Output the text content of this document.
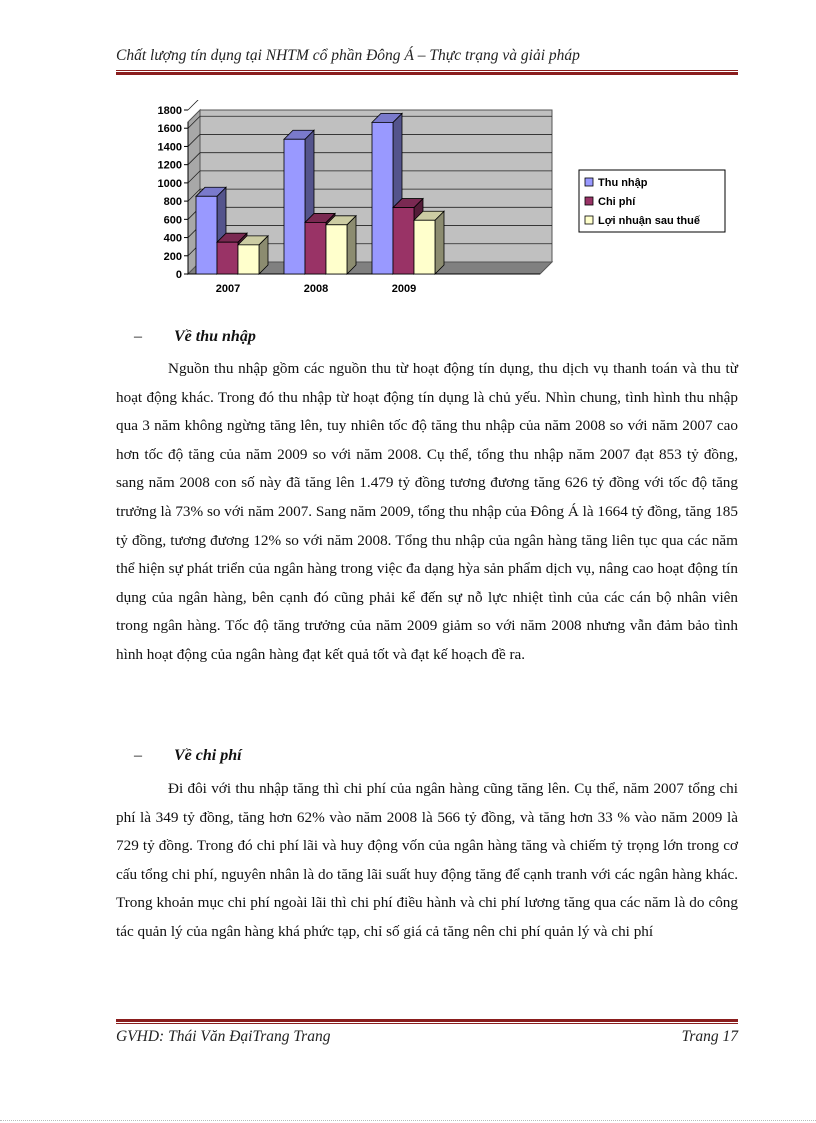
Chất lượng tín dụng tại NHTM cổ phần Đông Á – Thực trạng và giải pháp
0
200
400
600
800
1000
1200
1400
1600
1800
2007	2008	2009
Thu nhập
Chi phí
Lợi nhuận sau thuế
– Về thu nhập

Nguồn thu nhập gồm các nguồn thu từ hoạt động tín dụng, thu dịch vụ thanh toán và thu từ hoạt động khác. Trong đó thu nhập từ hoạt động tín dụng là chủ yếu. Nhìn chung, tình hình thu nhập qua 3 năm không ngừng tăng lên, tuy nhiên tốc độ tăng thu nhập của năm 2008 so với năm 2007 cao hơn tốc độ tăng của năm 2009 so với năm 2008. Cụ thể, tổng thu nhập năm 2007 đạt 853 tỷ đồng, sang năm 2008 con số này đã tăng lên 1.479 tỷ đồng tương đương tăng 626 tỷ đồng với tốc độ tăng trưởng là 73% so với năm 2007. Sang năm 2009, tổng thu nhập của Đông Á là 1664 tỷ đồng, tăng 185 tỷ đồng, tương đương 12% so với năm 2008. Tổng thu nhập của ngân hàng tăng liên tục qua các năm thể hiện sự phát triển của ngân hàng trong việc đa dạng hỳa sản phẩm dịch vụ, nâng cao hoạt động tín dụng của ngân hàng, bên cạnh đó cũng phải kể đến sự nỗ lực nhiệt tình của các cán bộ nhân viên trong ngân hàng. Tốc độ tăng trưởng của năm 2009 giảm so với năm 2008 nhưng vẫn đảm bảo tình hình hoạt động của ngân hàng đạt kết quả tốt và đạt kế hoạch đề ra.

– Về chi phí

Đi đôi với thu nhập tăng thì chi phí của ngân hàng cũng tăng lên. Cụ thể, năm 2007 tổng chi phí là 349 tỷ đồng, tăng hơn 62% vào năm 2008 là 566 tỷ đồng, và tăng hơn 33 % vào năm 2009 là 729 tỷ đồng. Trong đó chi phí lãi và huy động vốn của ngân hàng tăng và chiếm tỷ trọng lớn trong cơ cấu tổng chi phí, nguyên nhân là do tăng lãi suất huy động tăng để cạnh tranh với các ngân hàng khác. Trong khoản mục chi phí ngoài lãi thì chi phí điều hành và chi phí lương tăng qua các năm là do công tác quản lý của ngân hàng khá phức tạp, chỉ số giá cả tăng nên chi phí quản lý và chi phí

GVHD: Thái Văn ĐạiTrang Trang	Trang 17
